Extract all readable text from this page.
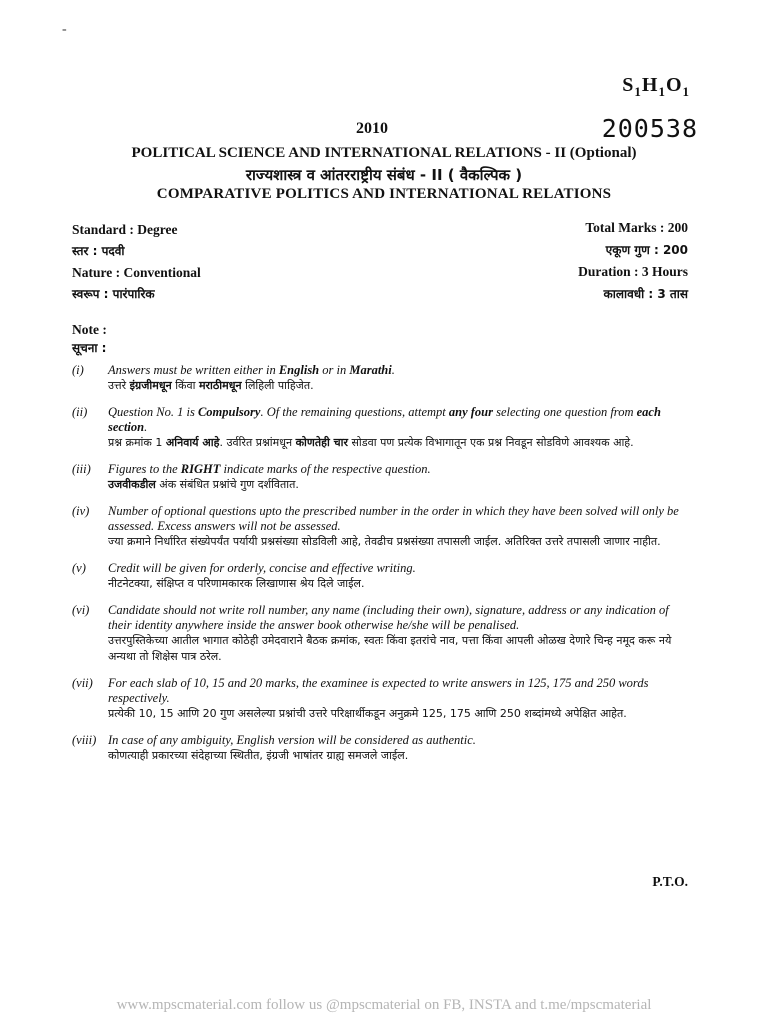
-
$S_1H_1O_1$
2010	200538
POLITICAL SCIENCE AND INTERNATIONAL RELATIONS - II (Optional)
राज्यशास्त्र व आंतरराष्ट्रीय संबंध - II ( वैकल्पिक )
COMPARATIVE POLITICS AND INTERNATIONAL RELATIONS
Standard : Degree
स्तर : पदवी
Nature : Conventional
स्वरूप : पारंपारिक
Total Marks : 200
एकूण गुण : 200
Duration : 3 Hours
कालावधी : 3 तास
Note :
सूचना :
(i)	Answers must be written either in English or in Marathi.
उत्तरे इंग्रजीमधून किंवा मराठीमधून लिहिली पाहिजेत.
(ii)	Question No. 1 is Compulsory. Of the remaining questions, attempt any four selecting one question from each section.
प्रश्न क्रमांक 1 अनिवार्य आहे. उर्वरित प्रश्नांमधून कोणतेही चार सोडवा पण प्रत्येक विभागातून एक प्रश्न निवडून सोडविणे आवश्यक आहे.
(iii)	Figures to the RIGHT indicate marks of the respective question.
उजवीकडील अंक संबंधित प्रश्नांचे गुण दर्शवितात.
(iv)	Number of optional questions upto the prescribed number in the order in which they have been solved will only be assessed. Excess answers will not be assessed.
ज्या क्रमाने निर्धारित संख्येपर्यंत पर्यायी प्रश्नसंख्या सोडविली आहे, तेवढीच प्रश्नसंख्या तपासली जाईल. अतिरिक्त उत्तरे तपासली जाणार नाहीत.
(v)	Credit will be given for orderly, concise and effective writing.
नीटनेटक्या, संक्षिप्त व परिणामकारक लिखाणास श्रेय दिले जाईल.
(vi)	Candidate should not write roll number, any name (including their own), signature, address or any indication of their identity anywhere inside the answer book otherwise he/she will be penalised.
उत्तरपुस्तिकेच्या आतील भागात कोठेही उमेदवाराने बैठक क्रमांक, स्वतः किंवा इतरांचे नाव, पत्ता किंवा आपली ओळख देणारे चिन्ह नमूद करू नये अन्यथा तो शिक्षेस पात्र ठरेल.
(vii)	For each slab of 10, 15 and 20 marks, the examinee is expected to write answers in 125, 175 and 250 words respectively.
प्रत्येकी 10, 15 आणि 20 गुण असलेल्या प्रश्नांची उत्तरे परिक्षार्थीकडून अनुक्रमे 125, 175 आणि 250 शब्दांमध्ये अपेक्षित आहेत.
(viii) In case of any ambiguity, English version will be considered as authentic.
कोणत्याही प्रकारच्या संदेहाच्या स्थितीत, इंग्रजी भाषांतर ग्राह्य समजले जाईल.
P.T.O.
www.mpscmaterial.com follow us @mpscmaterial on FB, INSTA and t.me/mpscmaterial
